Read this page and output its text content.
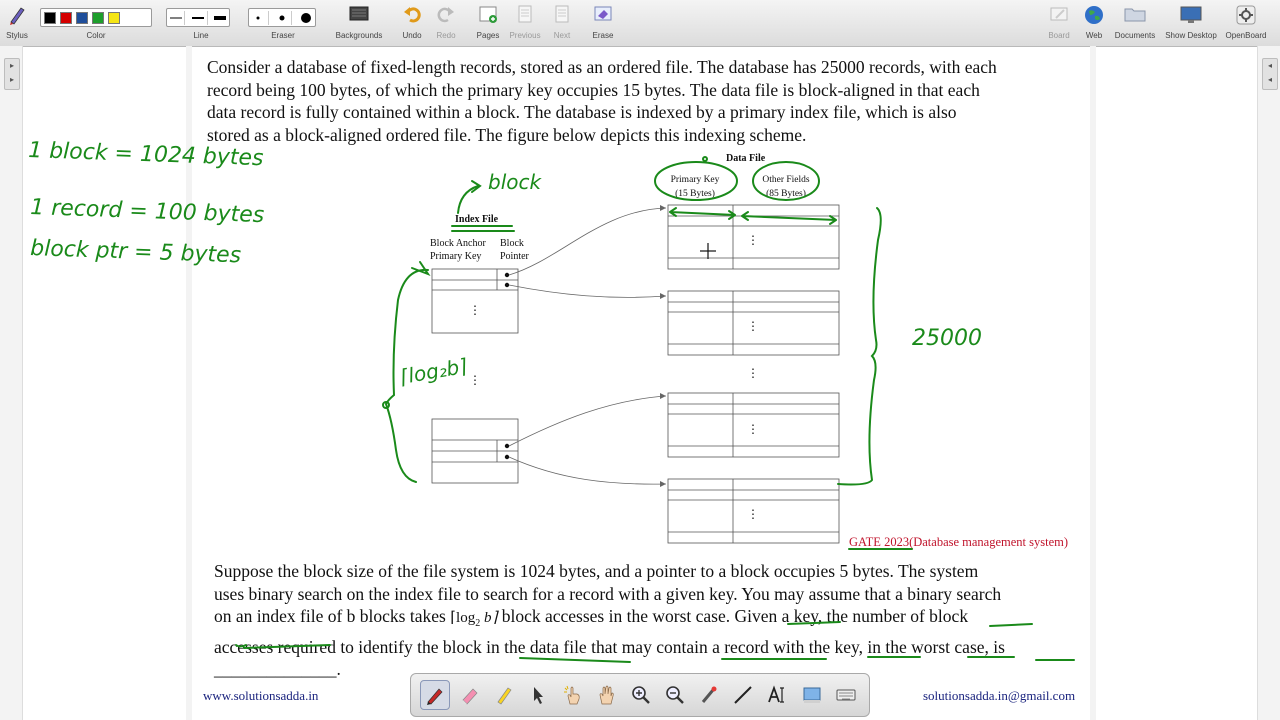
Stylus	Color	Line	Eraser	Backgrounds	Undo	Redo	Pages	Previous	Next	Erase	Board	Web	Documents	Show Desktop	OpenBoard
▸
▸
◂
◂
Consider a database of fixed-length records, stored as an ordered file. The database has 25000 records, with each
record being 100 bytes, of which the primary key occupies 15 bytes. The data file is block-aligned in that each
data record is fully contained within a block. The database is indexed by a primary index file, which is also
stored as a block-aligned ordered file. The figure below depicts this indexing scheme.
Suppose the block size of the file system is 1024 bytes, and a pointer to a block occupies 5 bytes. The system
uses binary search on the index file to search for a record with a given key. You may assume that a binary search
on an index file of b blocks takes $⌈\log_2$ b⌉ block accesses in the worst case. Given a key, the number of block
accesses required to identify the block in the data file that may contain a record with the key, in the worst case, is
______________.
GATE 2023(Database management system)
Data File
Primary Key
(15 Bytes)
Other Fields
(85 Bytes)
Index File
Block Anchor
Primary Key
Block
Pointer
⋮
⋮
⋮
⋮
⋮
⋮
⋮
1 block = 1024 bytes
1 record = 100 bytes
block ptr = 5 bytes
block
25000
⌈log₂b⌉
www.solutionsadda.in	solutionsadda.in@gmail.com
